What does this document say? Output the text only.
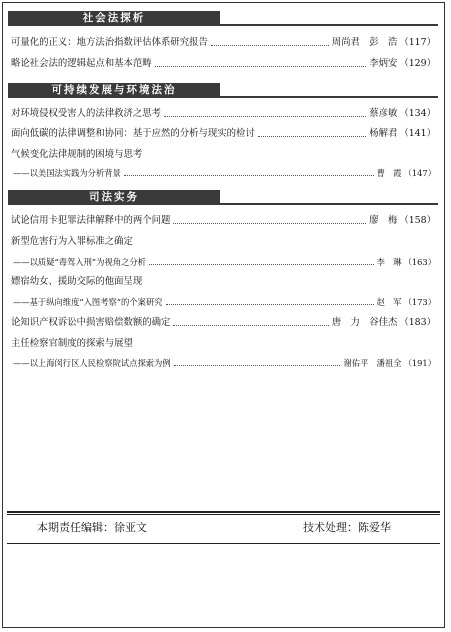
社会法探析
可量化的正义：地方法治指数评估体系研究报告	周尚君　彭　浩 （117）
略论社会法的逻辑起点和基本范畴	李炳安 （129）
可持续发展与环境法治
对环境侵权受害人的法律救济之思考	蔡彦敏 （134）
面向低碳的法律调整和协同：基于应然的分析与现实的检讨	杨解君 （141）
气候变化法律规制的困境与思考
——以美国法实践为分析背景	曹　霞 （147）
司法实务
试论信用卡犯罪法律解释中的两个问题	廖　梅 （158）
新型危害行为入罪标准之确定
——以质疑“毒驾入刑”为视角之分析	李　琳 （163）
嫖宿幼女、援助交际的他面呈现
——基于纵向维度“入图考察”的个案研究	赵　军 （173）
论知识产权诉讼中损害赔偿数额的确定	唐　力　谷佳杰 （183）
主任检察官制度的探索与展望
——以上海闵行区人民检察院试点探索为例	谢佑平　潘祖全 （191）
本期责任编辑：徐亚文	技术处理：陈爱华
